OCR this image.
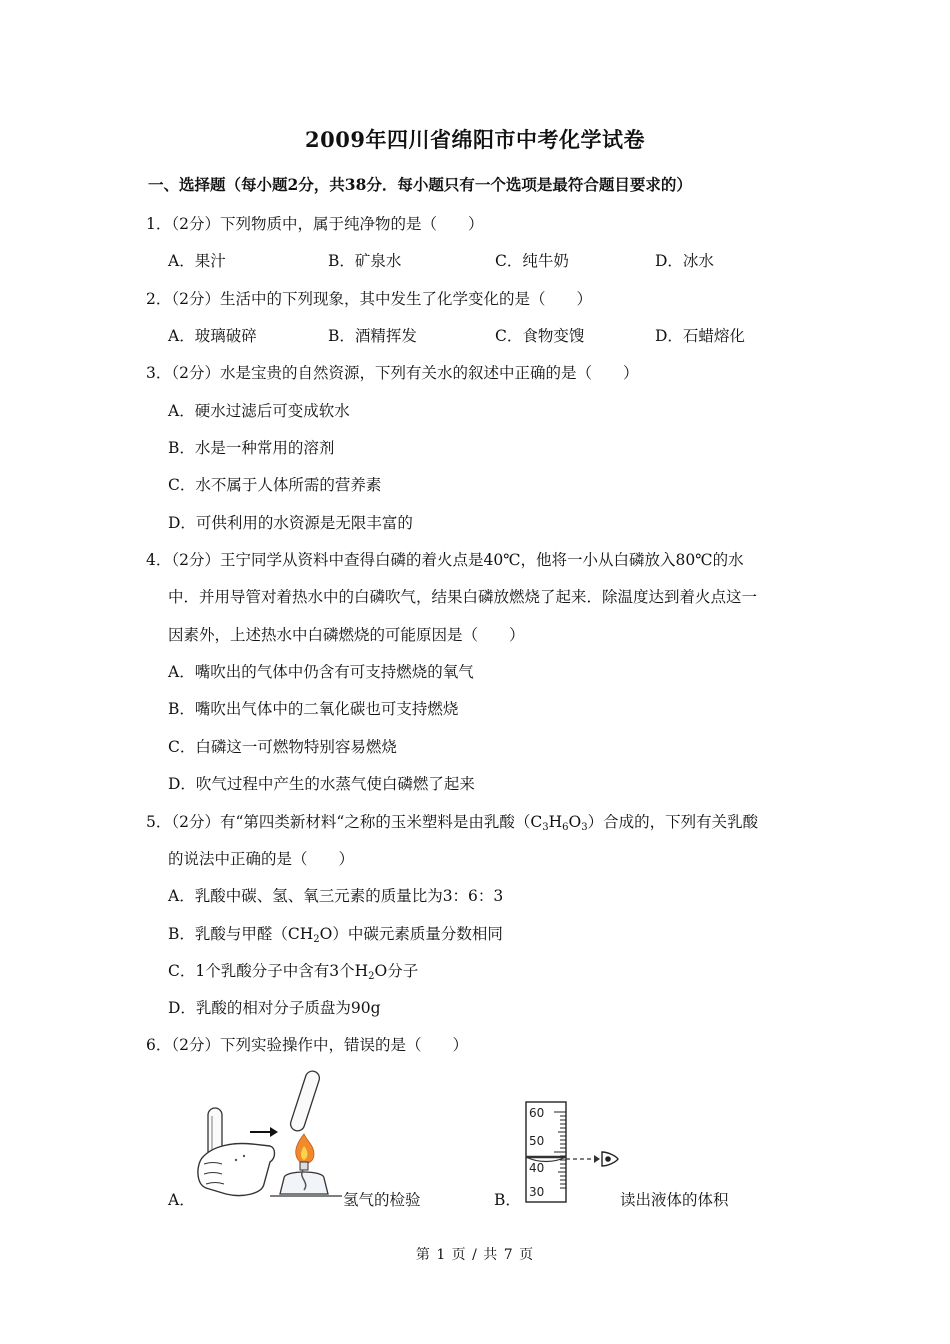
2009年四川省绵阳市中考化学试卷
一、选择题（每小题2分，共38分．每小题只有一个选项是最符合题目要求的）
1．（2分）下列物质中，属于纯净物的是（　　）
A．果汁	B．矿泉水	C．纯牛奶	D．冰水
2．（2分）生活中的下列现象，其中发生了化学变化的是（　　）
A．玻璃破碎	B．酒精挥发	C．食物变馊	D．石蜡熔化
3．（2分）水是宝贵的自然资源，下列有关水的叙述中正确的是（　　）
A．硬水过滤后可变成软水
B．水是一种常用的溶剂
C．水不属于人体所需的营养素
D．可供利用的水资源是无限丰富的
4．（2分）王宁同学从资料中查得白磷的着火点是40℃，他将一小从白磷放入80℃的水
中．并用导管对着热水中的白磷吹气，结果白磷放燃烧了起来．除温度达到着火点这一
因素外，上述热水中白磷燃烧的可能原因是（　　）
A．嘴吹出的气体中仍含有可支持燃烧的氧气
B．嘴吹出气体中的二氧化碳也可支持燃烧
C．白磷这一可燃物特别容易燃烧
D．吹气过程中产生的水蒸气使白磷燃了起来
5．（2分）有“第四类新材料“之称的玉米塑料是由乳酸$(C_3H_6O_3)$合成的，下列有关乳酸
的说法中正确的是（　　）
A．乳酸中碳、氢、氧三元素的质量比为3：6：3
B．乳酸与甲醛$(CH_2O)$中碳元素质量分数相同
C．1个乳酸分子中含有3个$H_2O$分子
D．乳酸的相对分子质盘为90g
6．（2分）下列实验操作中，错误的是（　　）
A．	氢气的检验	B．
60
50
40
30	读出液体的体积
第 1 页 / 共 7 页
